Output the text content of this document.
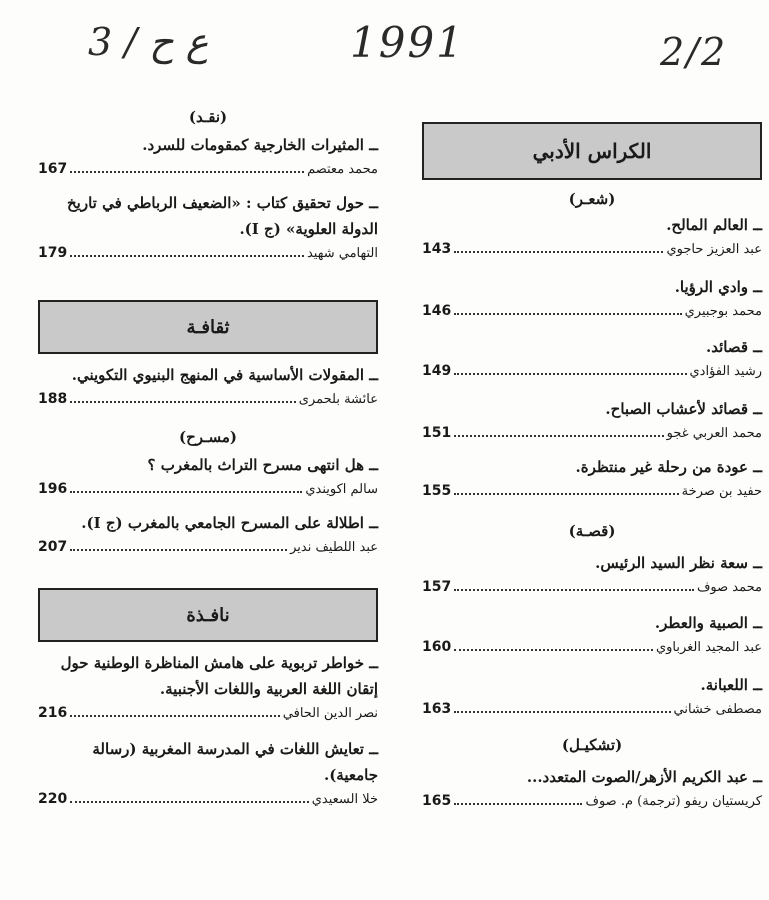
3 / ع ح	1991	2/2
الكراس الأدبي
(شعـر)
ــ العالم المالح.
عبد العزيز حاجوي
143
ــ وادي الرؤيا.
محمد بوجبيري
146
ــ قصائد.
رشيد الفؤادي
149
ــ قصائد لأعشاب الصباح.
محمد العربي غجو
151
ــ عودة من رحلة غير منتظرة.
حفيد بن صرخة
155
(قصـة)
ــ سعة نظر السيد الرئيس.
محمد صوف
157
ــ الصبية والعطر.
عبد المجيد الغرباوي
160
ــ اللعبانة.
مصطفى خشاني
163
(تشكيـل)
ــ عبد الكريم الأزهر/الصوت المتعدد...
كريستيان ريفو (ترجمة) م. صوف
165
(نقـد)
ــ المثيرات الخارجية كمقومات للسرد.
محمد معتصم
167
ــ حول تحقيق كتاب : «الضعيف الرباطي في تاريخ الدولة العلوية» (ج I).
التهامي شهيد
179
ثقافـة
ــ المقولات الأساسية في المنهج البنيوي التكويني.
عائشة بلحمرى
188
(مسـرح)
ــ هل انتهى مسرح التراث بالمغرب ؟
سالم اكويندي
196
ــ اطلالة على المسرح الجامعي بالمغرب (ج I).
عبد اللطيف ندير
207
نافـذة
ــ خواطر تربوية على هامش المناظرة الوطنية حول إتقان اللغة العربية واللغات الأجنبية.
نصر الدين الحافي
216
ــ تعايش اللغات في المدرسة المغربية (رسالة جامعية).
خلا السعيدي
220
